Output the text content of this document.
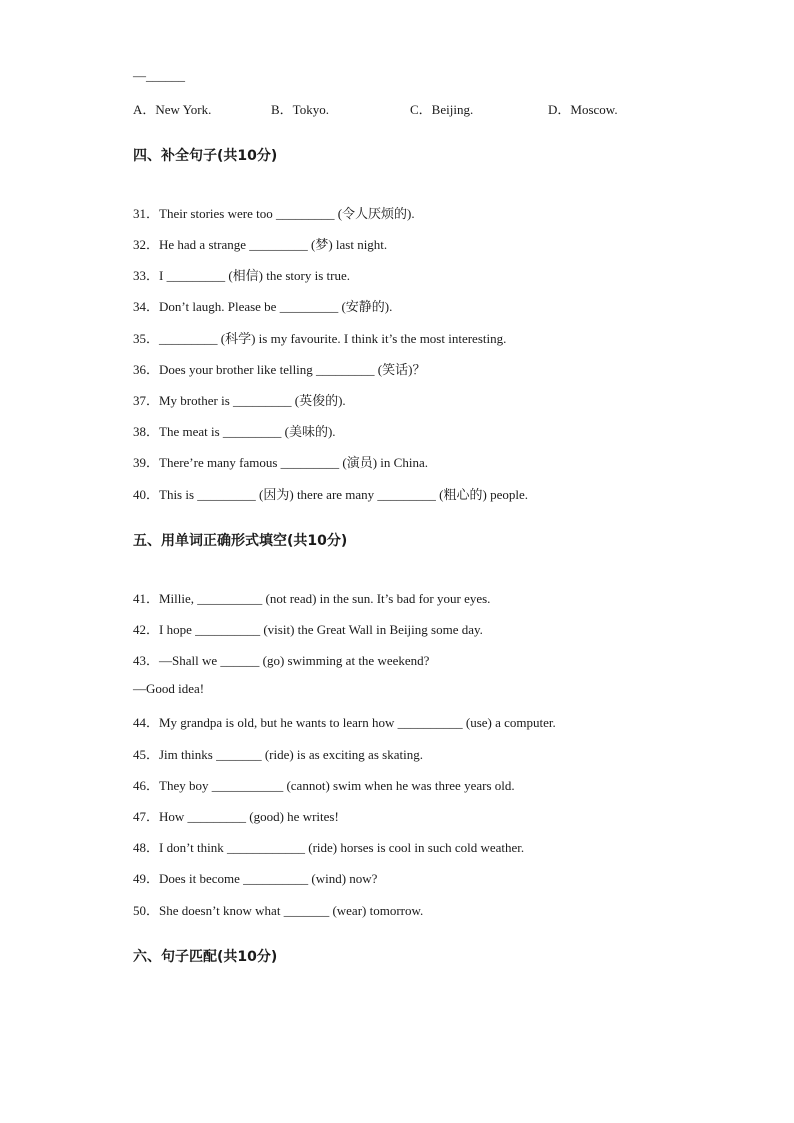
—______
A．New York.	B．Tokyo.	C．Beijing.	D．Moscow.
四、补全句子(共10分)
31．Their stories were too _________ (令人厌烦的).
32．He had a strange _________ (梦) last night.
33．I _________ (相信) the story is true.
34．Don’t laugh. Please be _________ (安静的).
35．_________ (科学) is my favourite. I think it’s the most interesting.
36．Does your brother like telling _________ (笑话)？
37．My brother is _________ (英俊的).
38．The meat is _________ (美味的).
39．There’re many famous _________ (演员) in China.
40．This is _________ (因为) there are many _________ (粗心的) people.
五、用单词正确形式填空(共10分)
41．Millie, __________ (not read) in the sun. It’s bad for your eyes.
42．I hope __________ (visit) the Great Wall in Beijing some day.
43．—Shall we ______ (go) swimming at the weekend?
—Good idea!
44．My grandpa is old, but he wants to learn how __________ (use) a computer.
45．Jim thinks _______ (ride) is as exciting as skating.
46．They boy ___________ (cannot) swim when he was three years old.
47．How _________ (good) he writes!
48．I don’t think ____________ (ride) horses is cool in such cold weather.
49．Does it become __________ (wind) now?
50．She doesn’t know what _______ (wear) tomorrow.
六、句子匹配(共10分)
